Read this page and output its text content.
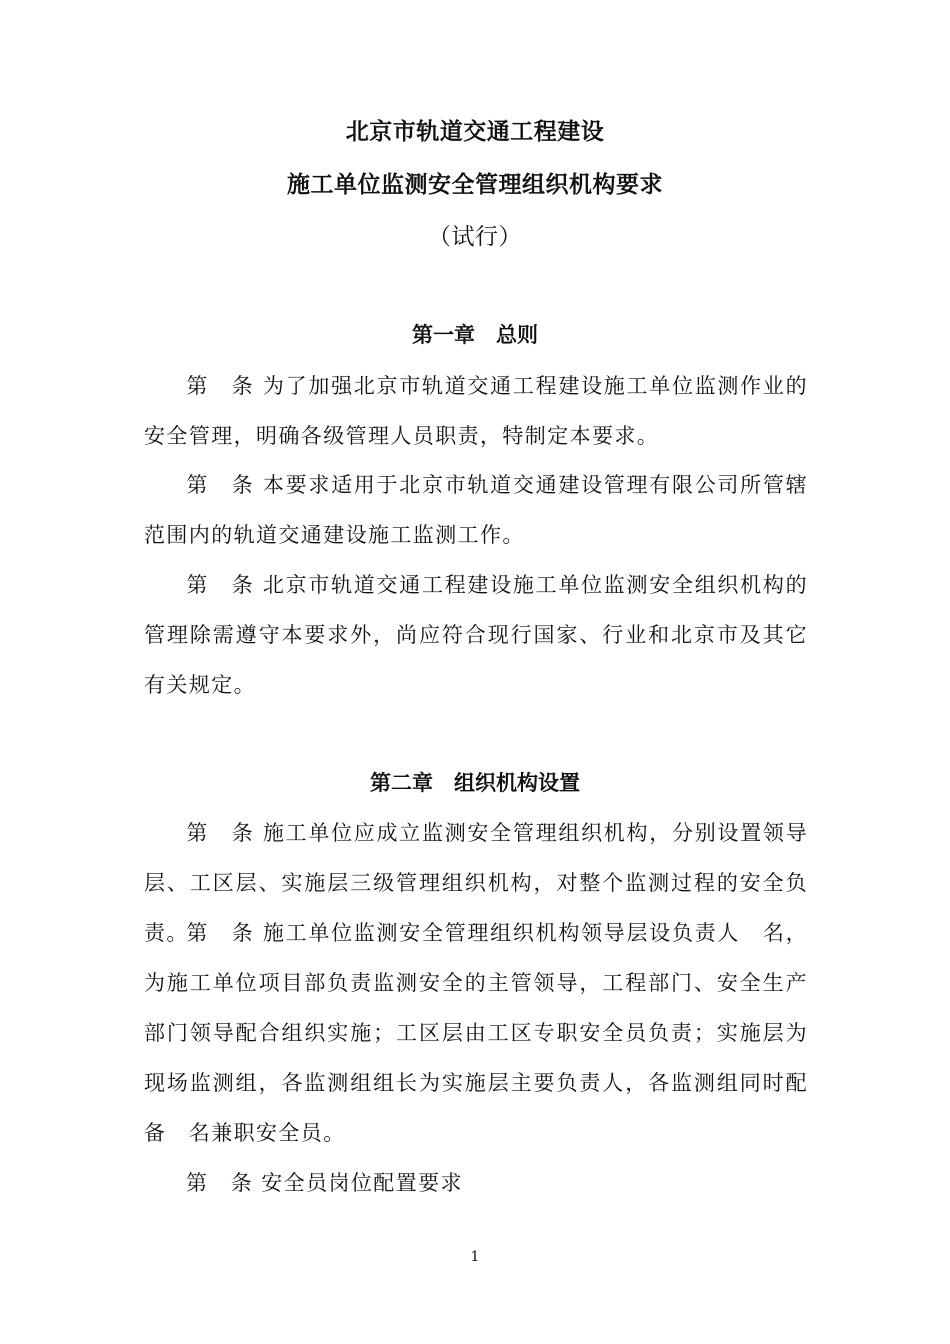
北京市轨道交通工程建设
施工单位监测安全管理组织机构要求
（试行）
第一章　总则

第　条 为了加强北京市轨道交通工程建设施工单位监测作业的安全管理，明确各级管理人员职责，特制定本要求。

第　条 本要求适用于北京市轨道交通建设管理有限公司所管辖范围内的轨道交通建设施工监测工作。

第　条 北京市轨道交通工程建设施工单位监测安全组织机构的管理除需遵守本要求外，尚应符合现行国家、行业和北京市及其它有关规定。

第二章　组织机构设置

第　条 施工单位应成立监测安全管理组织机构，分别设置领导层、工区层、实施层三级管理组织机构，对整个监测过程的安全负责。

第　条 施工单位监测安全管理组织机构领导层设负责人　名，为施工单位项目部负责监测安全的主管领导，工程部门、安全生产部门领导配合组织实施；工区层由工区专职安全员负责；实施层为现场监测组，各监测组组长为实施层主要负责人，各监测组同时配备　名兼职安全员。

第　条 安全员岗位配置要求

1
